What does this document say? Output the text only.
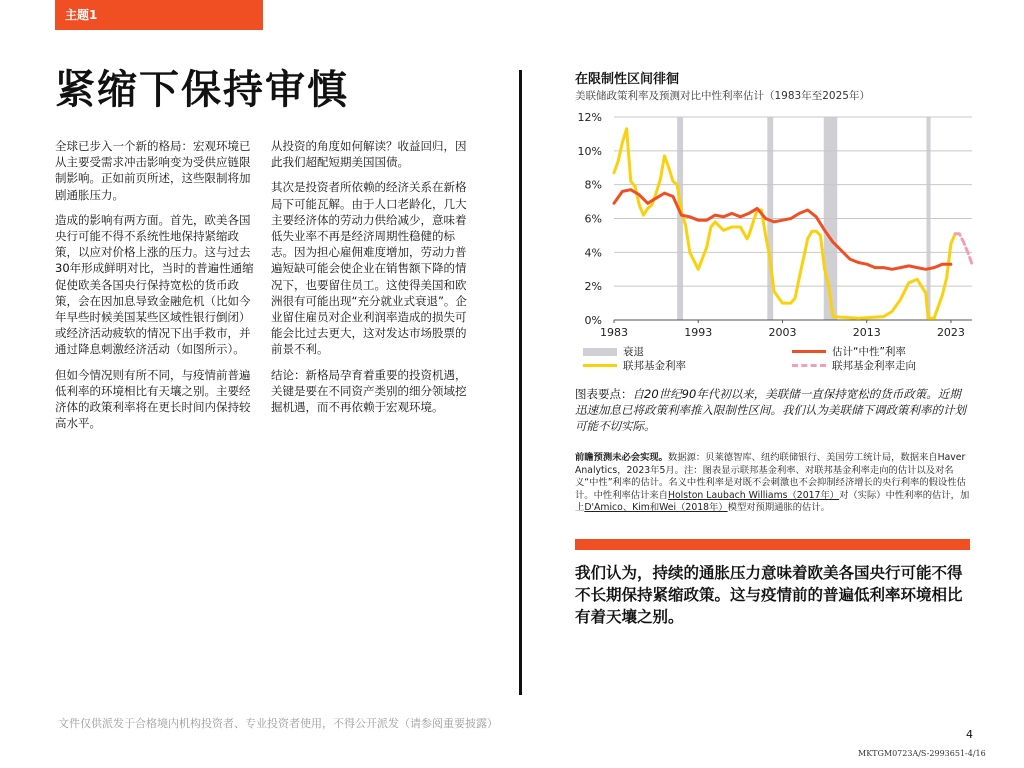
主题1
紧缩下保持审慎

全球已步入一个新的格局：宏观环境已从主要受需求冲击影响变为受供应链限制影响。正如前页所述，这些限制将加剧通胀压力。

造成的影响有两方面。首先，欧美各国央行可能不得不系统性地保持紧缩政策，以应对价格上涨的压力。这与过去30年形成鲜明对比，当时的普遍性通缩促使欧美各国央行保持宽松的货币政策，会在因加息导致金融危机（比如今年早些时候美国某些区域性银行倒闭）或经济活动疲软的情况下出手救市，并通过降息刺激经济活动（如图所示）。

但如今情况则有所不同，与疫情前普遍低利率的环境相比有天壤之别。主要经济体的政策利率将在更长时间内保持较高水平。

从投资的角度如何解读？收益回归，因此我们超配短期美国国债。

其次是投资者所依赖的经济关系在新格局下可能瓦解。由于人口老龄化，几大主要经济体的劳动力供给减少，意味着低失业率不再是经济周期性稳健的标志。因为担心雇佣难度增加，劳动力普遍短缺可能会使企业在销售额下降的情况下，也要留住员工。这使得美国和欧洲很有可能出现“充分就业式衰退”。企业留住雇员对企业利润率造成的损失可能会比过去更大，这对发达市场股票的前景不利。

结论：新格局孕育着重要的投资机遇，关键是要在不同资产类别的细分领域挖掘机遇，而不再依赖于宏观环境。

在限制性区间徘徊
美联储政策利率及预测对比中性利率估计（1983年至2025年）
0%
2%
4%
6%
8%
10%
12%
1983	1993	2003	2013	2023
衰退
联邦基金利率
估计“中性”利率
联邦基金利率走向
图表要点：自20世纪90年代初以来，美联储一直保持宽松的货币政策。近期迅速加息已将政策利率推入限制性区间。我们认为美联储下调政策利率的计划可能不切实际。
前瞻预测未必会实现。数据源：贝莱德智库、纽约联储银行、美国劳工统计局，数据来自Haver Analytics，2023年5月。注：图表显示联邦基金利率、对联邦基金利率走向的估计以及对名义“中性”利率的估计。名义中性利率是对既不会刺激也不会抑制经济增长的央行利率的假设性估计。中性利率估计来自Holston Laubach Williams（2017年）对（实际）中性利率的估计，加上D'Amico、Kim和Wei（2018年）模型对预期通胀的估计。
我们认为，持续的通胀压力意味着欧美各国央行可能不得不长期保持紧缩政策。这与疫情前的普遍低利率环境相比有着天壤之别。
文件仅供派发于合格境内机构投资者、专业投资者使用，不得公开派发（请参阅重要披露）
4
MKTGM0723A/S-2993651-4/16
